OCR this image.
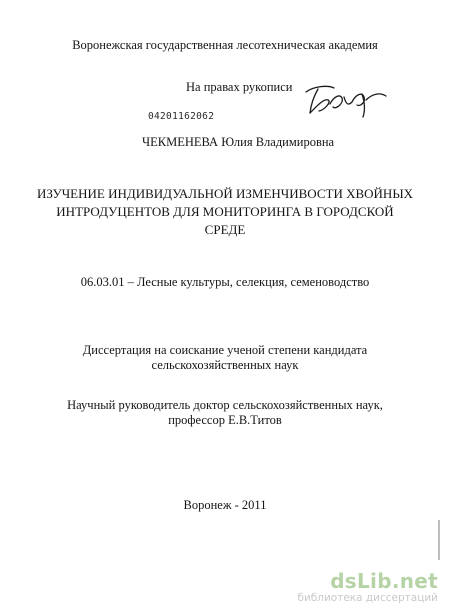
Воронежская государственная лесотехническая академия
На правах рукописи
04201162062
ЧЕКМЕНЕВА Юлия Владимировна
ИЗУЧЕНИЕ ИНДИВИДУАЛЬНОЙ ИЗМЕНЧИВОСТИ ХВОЙНЫХ
ИНТРОДУЦЕНТОВ ДЛЯ МОНИТОРИНГА В ГОРОДСКОЙ
СРЕДЕ
06.03.01 – Лесные культуры, селекция, семеноводство
Диссертация на соискание ученой степени кандидата
сельскохозяйственных наук
Научный руководитель доктор сельскохозяйственных наук,
профессор Е.В.Титов
Воронеж - 2011
dsLib.net
библиотека диссертаций
